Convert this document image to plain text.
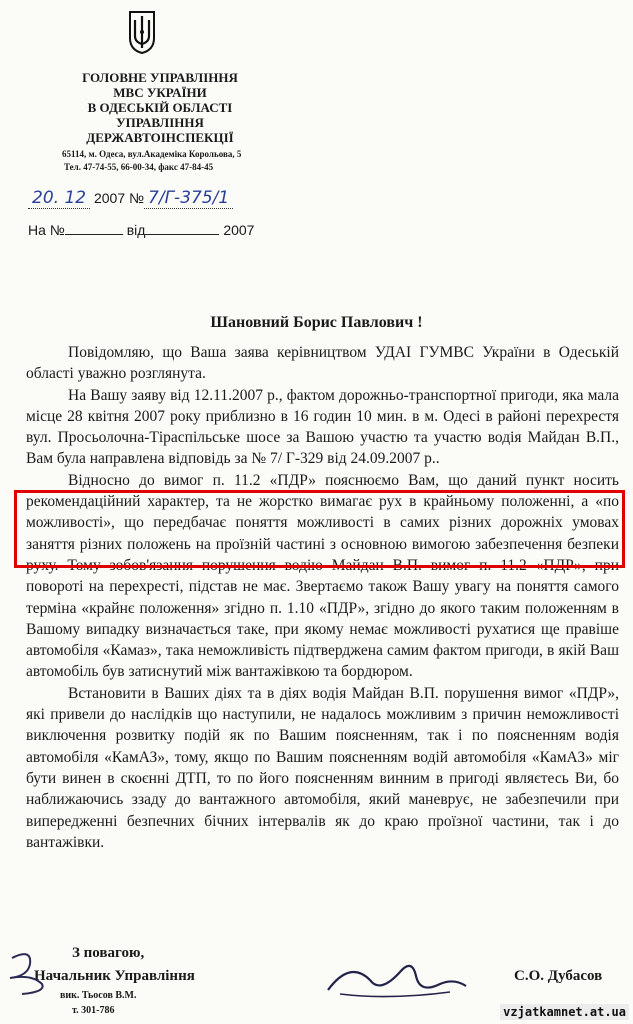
ГОЛОВНЕ УПРАВЛІННЯ
МВС УКРАЇНИ
В ОДЕСЬКІЙ ОБЛАСТІ
УПРАВЛІННЯ
ДЕРЖАВТОІНСПЕКЦІЇ
65114, м. Одеса, вул.Академіка Корольова, 5
Тел. 47-74-55, 66-00-34, факс 47-84-45
20. 12 2007 № 7/Г-375/1
На №	від	2007
Шановний Борис Павлович !

Повідомляю, що Ваша заява керівництвом УДАІ ГУМВС України в Одеській області уважно розглянута.

На Вашу заяву від 12.11.2007 р., фактом дорожньо-транспортної пригоди, яка мала місце 28 квітня 2007 року приблизно в 16 годин 10 мин. в м. Одесі в районі перехрестя вул. Просьолочна-Тірaспільське шосе за Вашою участю та участю водія Майдан В.П., Вам була направлена відповідь за № 7/ Г-329 від 24.09.2007 р..

Відносно до вимог п. 11.2 «ПДР» пояснюємо Вам, що даний пункт носить рекомендаційний характер, та не жорстко вимагає рух в крайньому положенні, а «по можливості», що передбачає поняття можливості в самих різних дорожніх умовах заняття різних положень на проїзній частині з основною вимогою забезпечення безпеки руху. Тому зобов'язання порушення водію Майдан В.П. вимог п. 11.2 «ПДР», при повороті на перехресті, підстав не має. Звертаємо також Вашу увагу на поняття самого терміна «крайнє положення» згідно п. 1.10 «ПДР», згідно до якого таким положенням в Вашому випадку визначається таке, при якому немає можливості рухатися ще правіше автомобіля «Камаз», така неможливість підтверджена самим фактом пригоди, в якій Ваш автомобіль був затиснутий між вантажівкою та бордюром.

Встановити в Ваших діях та в діях водія Майдан В.П. порушення вимог «ПДР», які привели до наслідків що наступили, не надалось можливим з причин неможливості виключення розвитку подій як по Вашим поясненням, так і по поясненням водія автомобіля «КамАЗ», тому, якщо по Вашим поясненням водій автомобіля «КамАЗ» міг бути винен в скоєнні ДТП, то по його поясненням винним в пригоді являєтесь Ви, бо наближаючись ззаду до вантажного автомобіля, який маневрує, не забезпечили при випередженні безпечних бічних інтервалів як до краю проїзної частини, так і до вантажівки.

З повагою,
Начальник Управління
вик. Тьосов В.М.
т. 301-786
С.О. Дубасов
vzjatkamnet.at.ua
